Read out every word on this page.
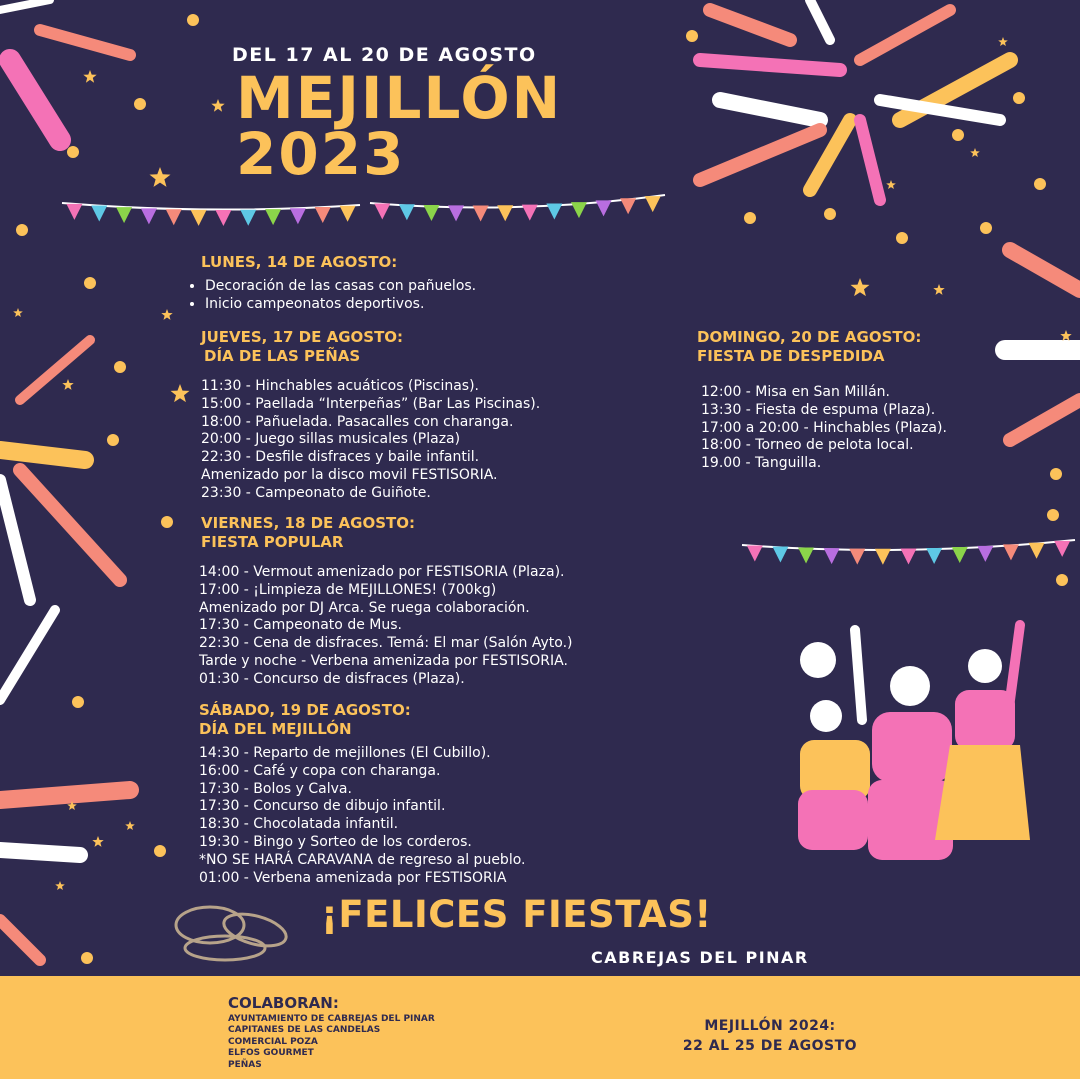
DEL 17 AL 20 DE AGOSTO
MEJILLÓN
2023
LUNES, 14 DE AGOSTO:
• Decoración de las casas con pañuelos.
• Inicio campeonatos deportivos.
JUEVES, 17 DE AGOSTO:
DÍA DE LAS PEÑAS
11:30 - Hinchables acuáticos (Piscinas).
15:00 - Paellada “Interpeñas” (Bar Las Piscinas).
18:00 - Pañuelada. Pasacalles con charanga.
20:00 - Juego sillas musicales (Plaza)
22:30 - Desfile disfraces y baile infantil.
Amenizado por la disco movil FESTISORIA.
23:30 - Campeonato de Guiñote.
VIERNES, 18 DE AGOSTO:
FIESTA POPULAR
14:00 - Vermout amenizado por FESTISORIA (Plaza).
17:00 - ¡Limpieza de MEJILLONES! (700kg)
Amenizado por DJ Arca. Se ruega colaboración.
17:30 - Campeonato de Mus.
22:30 - Cena de disfraces. Temá: El mar (Salón Ayto.)
Tarde y noche - Verbena amenizada por FESTISORIA.
01:30 - Concurso de disfraces (Plaza).
SÁBADO, 19 DE AGOSTO:
DÍA DEL MEJILLÓN
14:30 - Reparto de mejillones (El Cubillo).
16:00 - Café y copa con charanga.
17:30 - Bolos y Calva.
17:30 - Concurso de dibujo infantil.
18:30 - Chocolatada infantil.
19:30 - Bingo y Sorteo de los corderos.
*NO SE HARÁ CARAVANA de regreso al pueblo.
01:00 - Verbena amenizada por FESTISORIA
DOMINGO, 20 DE AGOSTO:
FIESTA DE DESPEDIDA
12:00 - Misa en San Millán.
13:30 - Fiesta de espuma (Plaza).
17:00 a 20:00 - Hinchables (Plaza).
18:00 - Torneo de pelota local.
19.00 - Tanguilla.
¡FELICES FIESTAS!
CABREJAS DEL PINAR
COLABORAN:
AYUNTAMIENTO DE CABREJAS DEL PINAR
CAPITANES DE LAS CANDELAS
COMERCIAL POZA
ELFOS GOURMET
PEÑAS
MEJILLÓN 2024:
22 AL 25 DE AGOSTO
